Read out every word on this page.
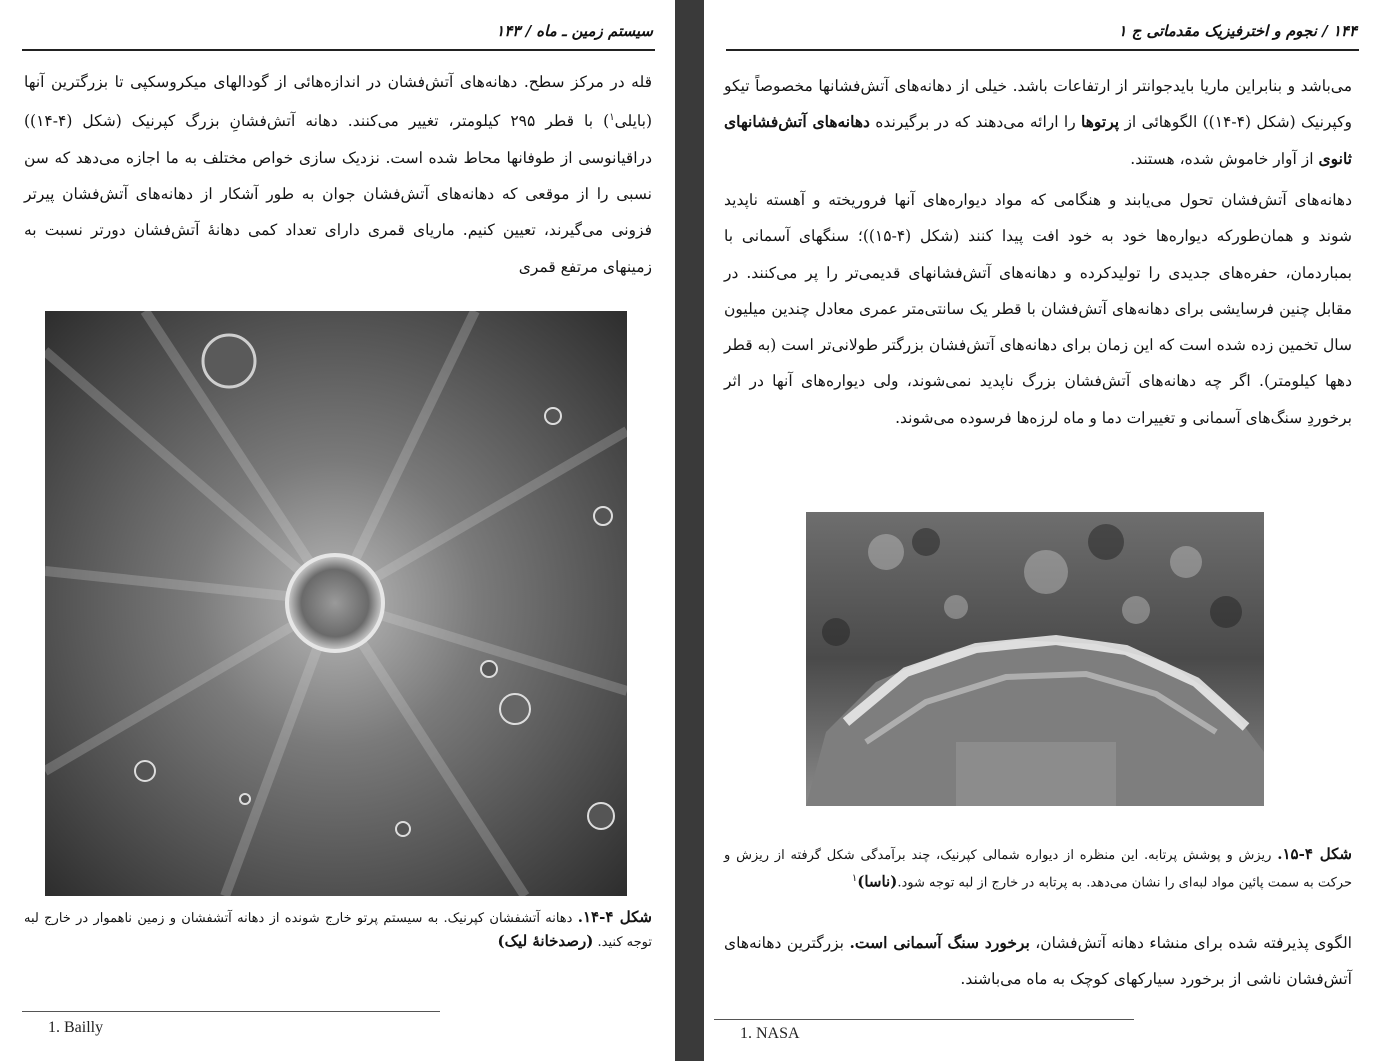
سیستم زمین ـ ماه / ۱۴۳
قله در مرکز سطح. دهانه‌های آتش‌فشان در اندازه‌هائی از گودالهای میکروسکپی تا بزرگترین آنها (بایلی$^۱$) با قطر ۲۹۵ کیلومتر، تغییر می‌کنند. دهانه آتش‌فشانِ بزرگ کپرنیک (شکل (۴-۱۴)) دراقیانوسی از طوفانها محاط شده است. نزدیک سازی خواص مختلف به ما اجازه می‌دهد که سن نسبی را از موقعی که دهانه‌های آتش‌فشان جوان به طور آشکار از دهانه‌های آتش‌فشان پیرتر فزونی می‌گیرند، تعیین کنیم. ماریای قمری دارای تعداد کمی دهانهٔ آتش‌فشان دورتر نسبت به زمینهای مرتفع قمری
شکل ۴-۱۴. دهانه آتشفشان کپرنیک. به سیستم پرتو خارج شونده از دهانه آتشفشان و زمین ناهموار در خارج لبه توجه کنید. (رصدخانهٔ لیک)
1. Bailly
۱۴۴ / نجوم و اخترفیزیک مقدماتی ج ۱
می‌باشد و بنابراین ماریا بایدجوانتر از ارتفاعات باشد. خیلی از دهانه‌های آتش‌فشانها مخصوصاً تیکو وکپرنیک (شکل (۴-۱۴)) الگوهائی از پرتوها را ارائه می‌دهند که در برگیرنده دهانه‌های آتش‌فشانهای ثانوی از آوار خاموش شده، هستند.
دهانه‌های آتش‌فشان تحول می‌یابند و هنگامی که مواد دیواره‌های آنها فروریخته و آهسته ناپدید شوند و همان‌طورکه دیواره‌ها خود به خود افت پیدا کنند (شکل (۴-۱۵))؛ سنگهای آسمانی با بمباردمان، حفره‌های جدیدی را تولیدکرده و دهانه‌های آتش‌فشانهای قدیمی‌تر را پر می‌کنند. در مقابل چنین فرسایشی برای دهانه‌های آتش‌فشان با قطر یک سانتی‌متر عمری معادل چندین میلیون سال تخمین زده شده است که این زمان برای دهانه‌های آتش‌فشان بزرگتر طولانی‌تر است (به قطر دهها کیلومتر). اگر چه دهانه‌های آتش‌فشان بزرگ ناپدید نمی‌شوند، ولی دیواره‌های آنها در اثر برخوردِ سنگ‌های آسمانی و تغییرات دما و ماه لرزه‌ها فرسوده می‌شوند.
شکل ۴-۱۵. ریزش و پوشش پرتابه. این منظره از دیواره شمالی کپرنیک، چند برآمدگی شکل گرفته از ریزش و حرکت به سمت پائین مواد لبه‌ای را نشان می‌دهد. به پرتابه در خارج از لبه توجه شود.(ناسا)$^۱$
الگوی پذیرفته شده برای منشاء دهانه آتش‌فشان، برخورد سنگ آسمانی است. بزرگترین دهانه‌های آتش‌فشان ناشی از برخورد سیارکهای کوچک به ماه می‌باشند.
1. NASA
